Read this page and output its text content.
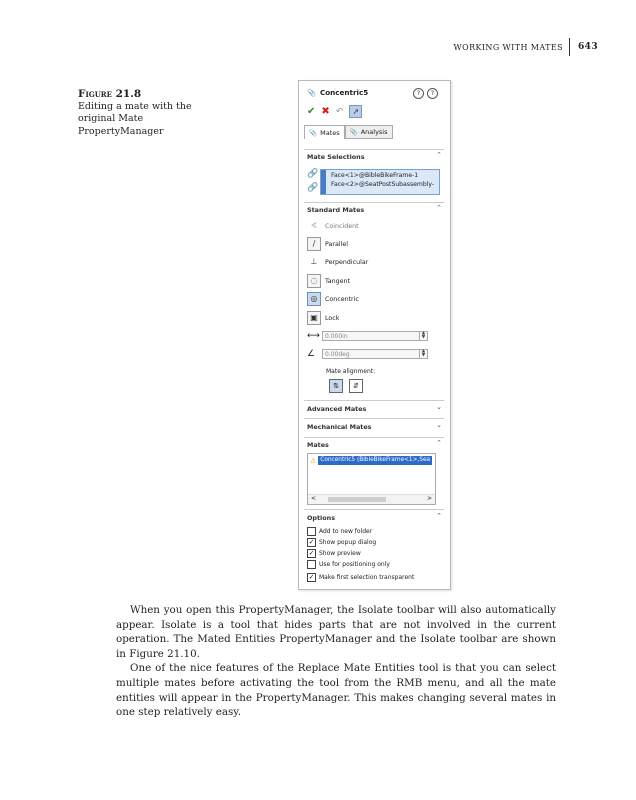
WORKING WITH MATES 643
Figure 21.8
Editing a mate with the original Mate PropertyManager
📎 Concentric5	?	?
✔ ✖ ↶	➚
📎 Mates 📎 Analysis
Mate Selections	⌃
🔗
🔗
Face<1>@BibleBikeFrame-1
Face<2>@SeatPostSubassembly-
Standard Mates	⌃
∢	Coincident
∕	Parallel
⊥	Perpendicular
◌	Tangent
◎	Concentric
▣	Lock
⟷ 0.000in	▲
▼
∠	0.00deg	▲
▼
Mate alignment:
⇅	⇵
Advanced Mates	⌄
Mechanical Mates	⌄
Mates	⌃
⚠ Concentric5 (BibleBikeFrame<1>,Sea
<	>
Options	⌃
Add to new folder
✓ Show popup dialog
✓ Show preview
Use for positioning only
✓ Make first selection transparent

When you open this PropertyManager, the Isolate toolbar will also automatically appear. Isolate is a tool that hides parts that are not involved in the current operation. The Mated Entities PropertyManager and the Isolate toolbar are shown in Figure 21.10.

One of the nice features of the Replace Mate Entities tool is that you can select multiple mates before activating the tool from the RMB menu, and all the mate entities will appear in the PropertyManager. This makes changing several mates in one step relatively easy.
